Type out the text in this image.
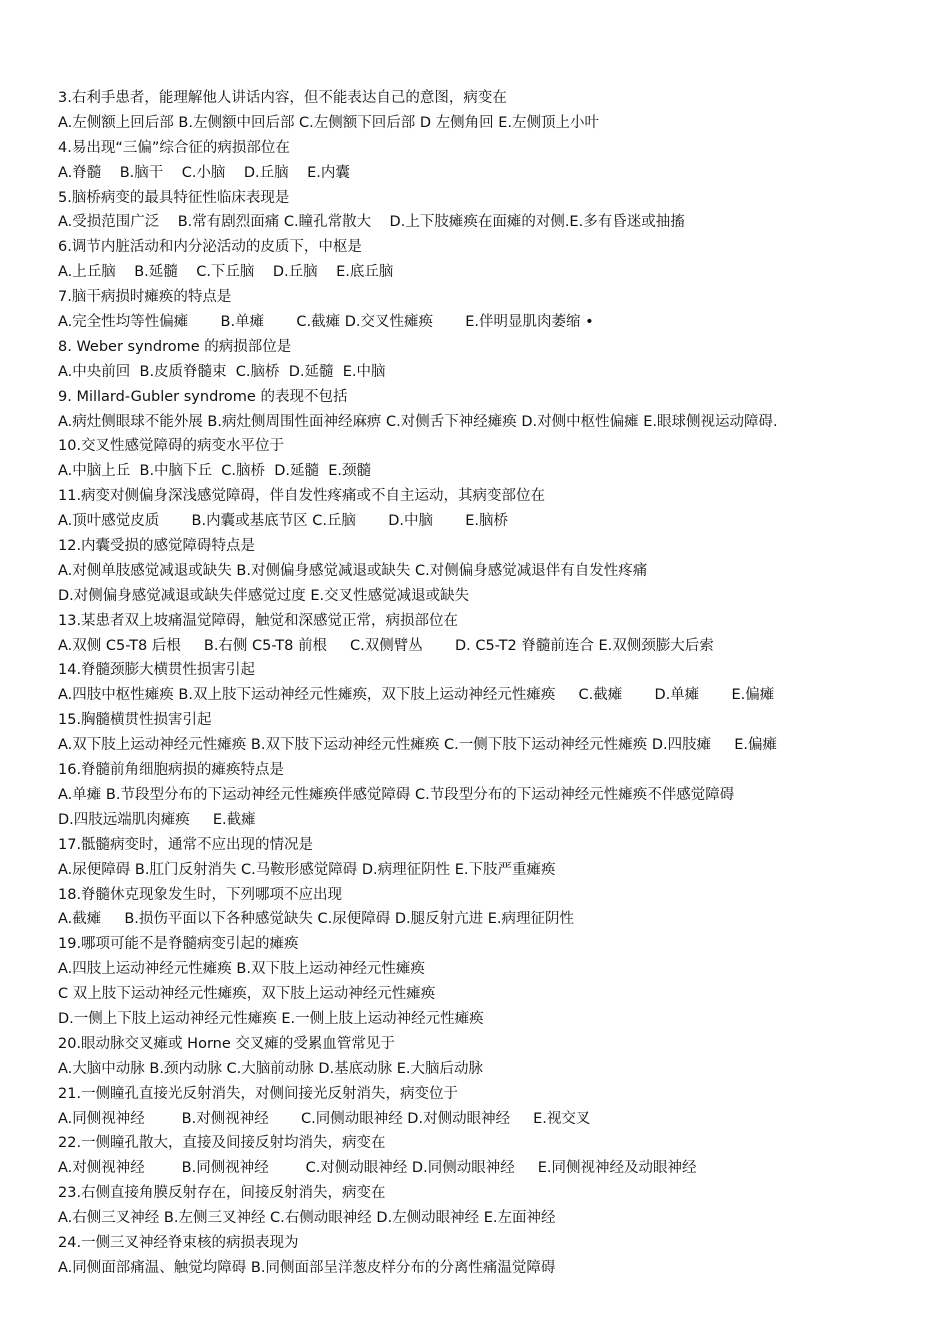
3.右利手患者，能理解他人讲话内容，但不能表达自己的意图，病变在
A.左侧额上回后部 B.左侧额中回后部 C.左侧额下回后部 D 左侧角回 E.左侧顶上小叶
4.易出现“三偏”综合征的病损部位在
A.脊髓    B.脑干    C.小脑    D.丘脑    E.内囊
5.脑桥病变的最具特征性临床表现是
A.受损范围广泛    B.常有剧烈面痛 C.瞳孔常散大    D.上下肢瘫痪在面瘫的对侧.E.多有昏迷或抽搐
6.调节内脏活动和内分泌活动的皮质下，中枢是
A.上丘脑    B.延髓    C.下丘脑    D.丘脑    E.底丘脑
7.脑干病损时瘫痪的特点是
A.完全性均等性偏瘫       B.单瘫       C.截瘫 D.交叉性瘫痪       E.伴明显肌肉萎缩 •
8. Weber syndrome 的病损部位是
A.中央前回  B.皮质脊髓束  C.脑桥  D.延髓  E.中脑
9. Millard-Gubler syndrome 的表现不包括
A.病灶侧眼球不能外展 B.病灶侧周围性面神经麻痹 C.对侧舌下神经瘫痪 D.对侧中枢性偏瘫 E.眼球侧视运动障碍.
10.交叉性感觉障碍的病变水平位于
A.中脑上丘  B.中脑下丘  C.脑桥  D.延髓  E.颈髓
11.病变对侧偏身深浅感觉障碍，伴自发性疼痛或不自主运动，其病变部位在
A.顶叶感觉皮质       B.内囊或基底节区 C.丘脑       D.中脑       E.脑桥
12.内囊受损的感觉障碍特点是
A.对侧单肢感觉减退或缺失 B.对侧偏身感觉减退或缺失 C.对侧偏身感觉减退伴有自发性疼痛
D.对侧偏身感觉减退或缺失伴感觉过度 E.交叉性感觉减退或缺失
13.某患者双上坡痛温觉障碍，触觉和深感觉正常，病损部位在
A.双侧 C5-T8 后根     B.右侧 C5-T8 前根     C.双侧臂丛       D. C5-T2 脊髓前连合 E.双侧颈膨大后索
14.脊髓颈膨大横贯性损害引起
A.四肢中枢性瘫痪 B.双上肢下运动神经元性瘫痪，双下肢上运动神经元性瘫痪     C.截瘫       D.单瘫       E.偏瘫
15.胸髓横贯性损害引起
A.双下肢上运动神经元性瘫痪 B.双下肢下运动神经元性瘫痪 C.一侧下肢下运动神经元性瘫痪 D.四肢瘫     E.偏瘫
16.脊髓前角细胞病损的瘫痪特点是
A.单瘫 B.节段型分布的下运动神经元性瘫痪伴感觉障碍 C.节段型分布的下运动神经元性瘫痪不伴感觉障碍
D.四肢远端肌肉瘫痪     E.截瘫
17.骶髓病变时，通常不应出现的情况是
A.尿便障碍 B.肛门反射消失 C.马鞍形感觉障碍 D.病理征阴性 E.下肢严重瘫痪
18.脊髓休克现象发生时，下列哪项不应出现
A.截瘫     B.损伤平面以下各种感觉缺失 C.尿便障碍 D.腿反射亢进 E.病理征阴性
19.哪项可能不是脊髓病变引起的瘫痪
A.四肢上运动神经元性瘫痪 B.双下肢上运动神经元性瘫痪
C 双上肢下运动神经元性瘫痪，双下肢上运动神经元性瘫痪
D.一侧上下肢上运动神经元性瘫痪 E.一侧上肢上运动神经元性瘫痪
20.眼动脉交叉瘫或 Horne 交叉瘫的受累血管常见于
A.大脑中动脉 B.颈内动脉 C.大脑前动脉 D.基底动脉 E.大脑后动脉
21.一侧瞳孔直接光反射消失，对侧间接光反射消失，病变位于
A.同侧视神经        B.对侧视神经       C.同侧动眼神经 D.对侧动眼神经     E.视交叉
22.一侧瞳孔散大，直接及间接反射均消失，病变在
A.对侧视神经        B.同侧视神经        C.对侧动眼神经 D.同侧动眼神经     E.同侧视神经及动眼神经
23.右侧直接角膜反射存在，间接反射消失，病变在
A.右侧三叉神经 B.左侧三叉神经 C.右侧动眼神经 D.左侧动眼神经 E.左面神经
24.一侧三叉神经脊束核的病损表现为
A.同侧面部痛温、触觉均障碍 B.同侧面部呈洋葱皮样分布的分离性痛温觉障碍
